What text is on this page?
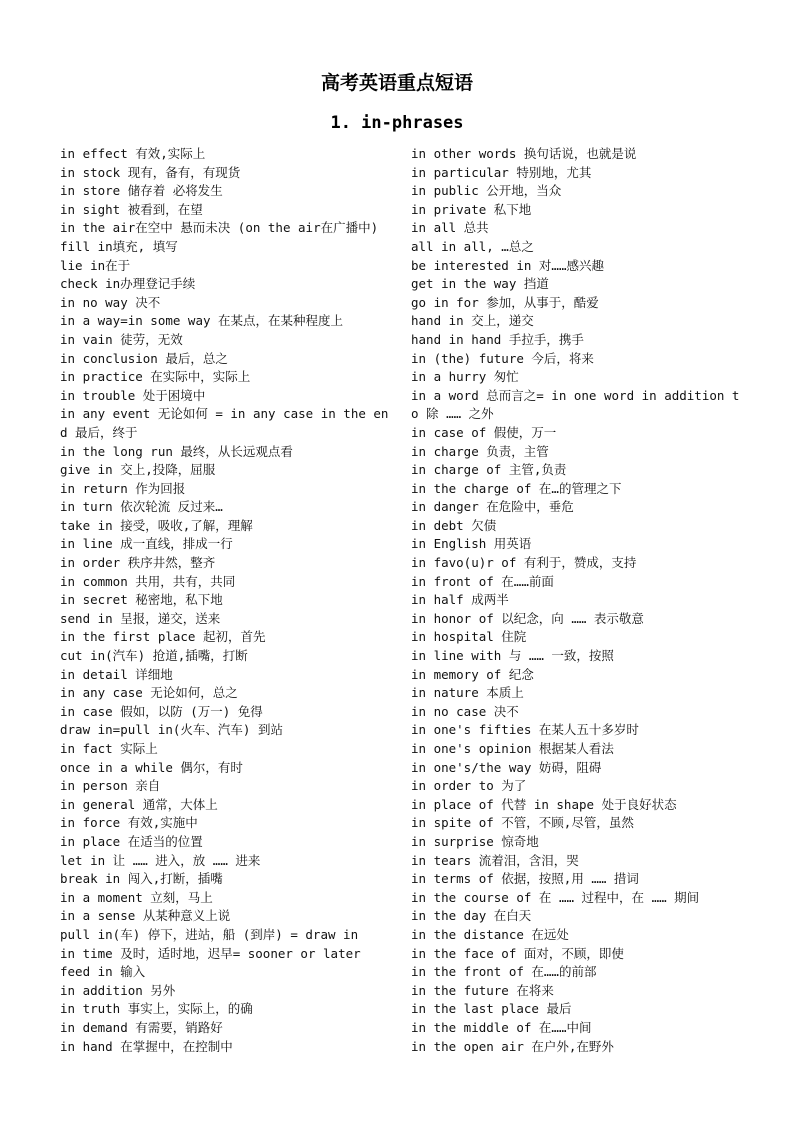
高考英语重点短语
1. in-phrases
in effect 有效,实际上
in stock 现有，备有，有现货
in store 储存着 必将发生
in sight 被看到，在望
in the air在空中 悬而未决 (on the air在广播中)
fill in填充, 填写
lie in在于
check in办理登记手续
in no way 决不
in a way=in some way 在某点，在某种程度上
in vain 徒劳，无效
in conclusion 最后，总之
in practice 在实际中，实际上
in trouble 处于困境中
in any event 无论如何 = in any case in the end 最后，终于
in the long run 最终，从长远观点看
give in 交上,投降，屈服
in return 作为回报
in turn 依次轮流 反过来…
take in 接受，吸收,了解，理解
in line 成一直线，排成一行
in order 秩序井然，整齐
in common 共用，共有，共同
in secret 秘密地，私下地
send in 呈报，递交，送来
in the first place 起初，首先
cut in(汽车) 抢道,插嘴，打断
in detail 详细地
in any case 无论如何，总之
in case 假如，以防 (万一) 免得
draw in=pull in(火车、汽车) 到站
in fact 实际上
once in a while 偶尔，有时
in person 亲自
in general 通常，大体上
in force 有效,实施中
in place 在适当的位置
let in 让 …… 进入，放 …… 进来
break in 闯入,打断，插嘴
in a moment 立刻，马上
in a sense 从某种意义上说
pull in(车) 停下，进站，船 (到岸) = draw in
in time 及时，适时地，迟早= sooner or later
feed in 输入
in addition 另外
in truth 事实上，实际上，的确
in demand 有需要，销路好
in hand 在掌握中，在控制中
in other words 换句话说，也就是说
in particular 特别地，尤其
in public 公开地，当众
in private 私下地
in all 总共
all in all, …总之
be interested in 对……感兴趣
get in the way 挡道
go in for 参加，从事于，酷爱
hand in 交上，递交
hand in hand 手拉手，携手
in (the) future 今后，将来
in a hurry 匆忙
in a word 总而言之= in one word in addition to 除 …… 之外
in case of 假使，万一
in charge 负责，主管
in charge of 主管,负责
in the charge of 在…的管理之下
in danger 在危险中，垂危
in debt 欠债
in English 用英语
in favo(u)r of 有利于，赞成，支持
in front of 在……前面
in half 成两半
in honor of 以纪念，向 …… 表示敬意
in hospital 住院
in line with 与 …… 一致，按照
in memory of 纪念
in nature 本质上
in no case 决不
in one's fifties 在某人五十多岁时
in one's opinion 根据某人看法
in one's/the way 妨碍，阻碍
in order to 为了
in place of 代替 in shape 处于良好状态
in spite of 不管，不顾,尽管，虽然
in surprise 惊奇地
in tears 流着泪，含泪，哭
in terms of 依据，按照,用 …… 措词
in the course of 在 …… 过程中，在 …… 期间
in the day 在白天
in the distance 在远处
in the face of 面对，不顾，即使
in the front of 在……的前部
in the future 在将来
in the last place 最后
in the middle of 在……中间
in the open air 在户外,在野外
